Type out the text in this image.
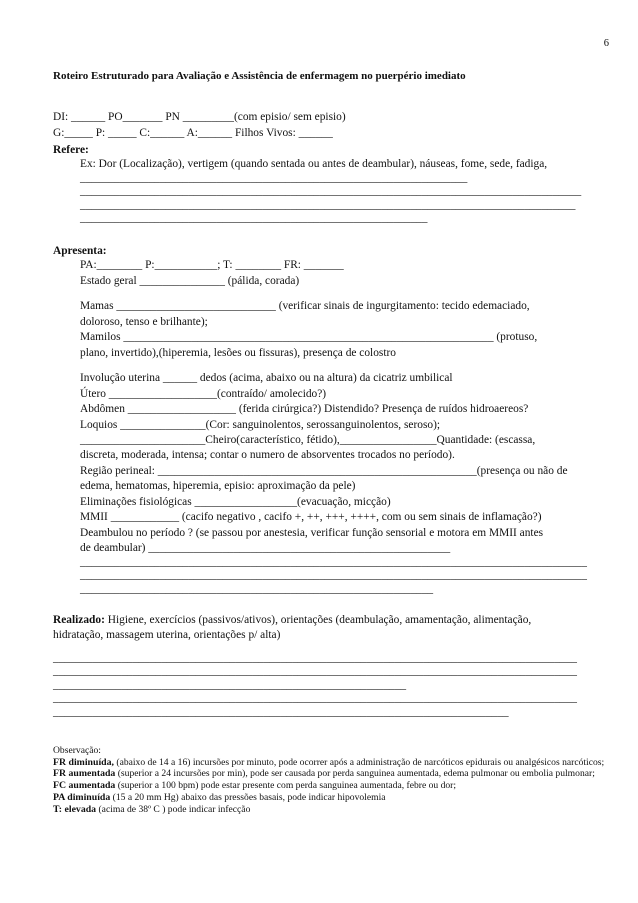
6
Roteiro Estruturado para Avaliação e Assistência de enfermagem no puerpério imediato

DI: ______ PO_______ PN _________(com episio/ sem episio)

G:_____ P: _____ C:______ A:______ Filhos Vivos: ______

Refere:

Ex: Dor (Localização), vertigem (quando sentada ou antes de deambular), náuseas, fome, sede, fadiga,

____________________________________________________________________

________________________________________________________________________________________

_______________________________________________________________________________________

_____________________________________________________________

Apresenta:

PA:________ P:___________; T: ________ FR: _______

Estado geral _______________ (pálida, corada)

Mamas ____________________________ (verificar sinais de ingurgitamento: tecido edemaciado,

doloroso, tenso e brilhante);

Mamilos _________________________________________________________________ (protuso,

plano, invertido),(hiperemia, lesões ou fissuras), presença de colostro

Involução uterina ______ dedos (acima, abaixo ou na altura) da cicatriz umbilical

Útero ___________________(contraído/ amolecido?)

Abdômen ___________________ (ferida cirúrgica?) Distendido? Presença de ruídos hidroaereos?

Loquios _______________(Cor: sanguinolentos, serossanguinolentos, seroso);

______________________Cheiro(característico, fétido),_________________Quantidade: (escassa,

discreta, moderada, intensa; contar o numero de absorventes trocados no período).

Região perineal: ________________________________________________________(presença ou não de

edema, hematomas, hiperemia, episio: aproximação da pele)

Eliminações fisiológicas __________________(evacuação, micção)

MMII ____________ (cacifo negativo , cacifo +, ++, +++, ++++, com ou sem sinais de inflamação?)

Deambulou no período ? (se passou por anestesia, verificar função sensorial e motora em MMII antes

de deambular) _____________________________________________________

_________________________________________________________________________________________

_________________________________________________________________________________________

______________________________________________________________

Realizado: Higiene, exercícios (passivos/ativos), orientações (deambulação, amamentação, alimentação,

hidratação, massagem uterina, orientações p/ alta)

____________________________________________________________________________________________

____________________________________________________________________________________________

______________________________________________________________

____________________________________________________________________________________________

________________________________________________________________________________

Observação:

FR diminuída, (abaixo de 14 a 16) incursões por minuto, pode ocorrer após a administração de narcóticos epidurais ou analgésicos narcóticos;

FR aumentada (superior a 24 incursões por min), pode ser causada por perda sanguinea aumentada, edema pulmonar ou embolia pulmonar;

FC aumentada (superior a 100 bpm) pode estar presente com perda sanguinea aumentada, febre ou dor;

PA diminuída (15 a 20 mm Hg) abaixo das pressões basais, pode indicar hipovolemia

T: elevada (acima de 38º C ) pode indicar infecção
